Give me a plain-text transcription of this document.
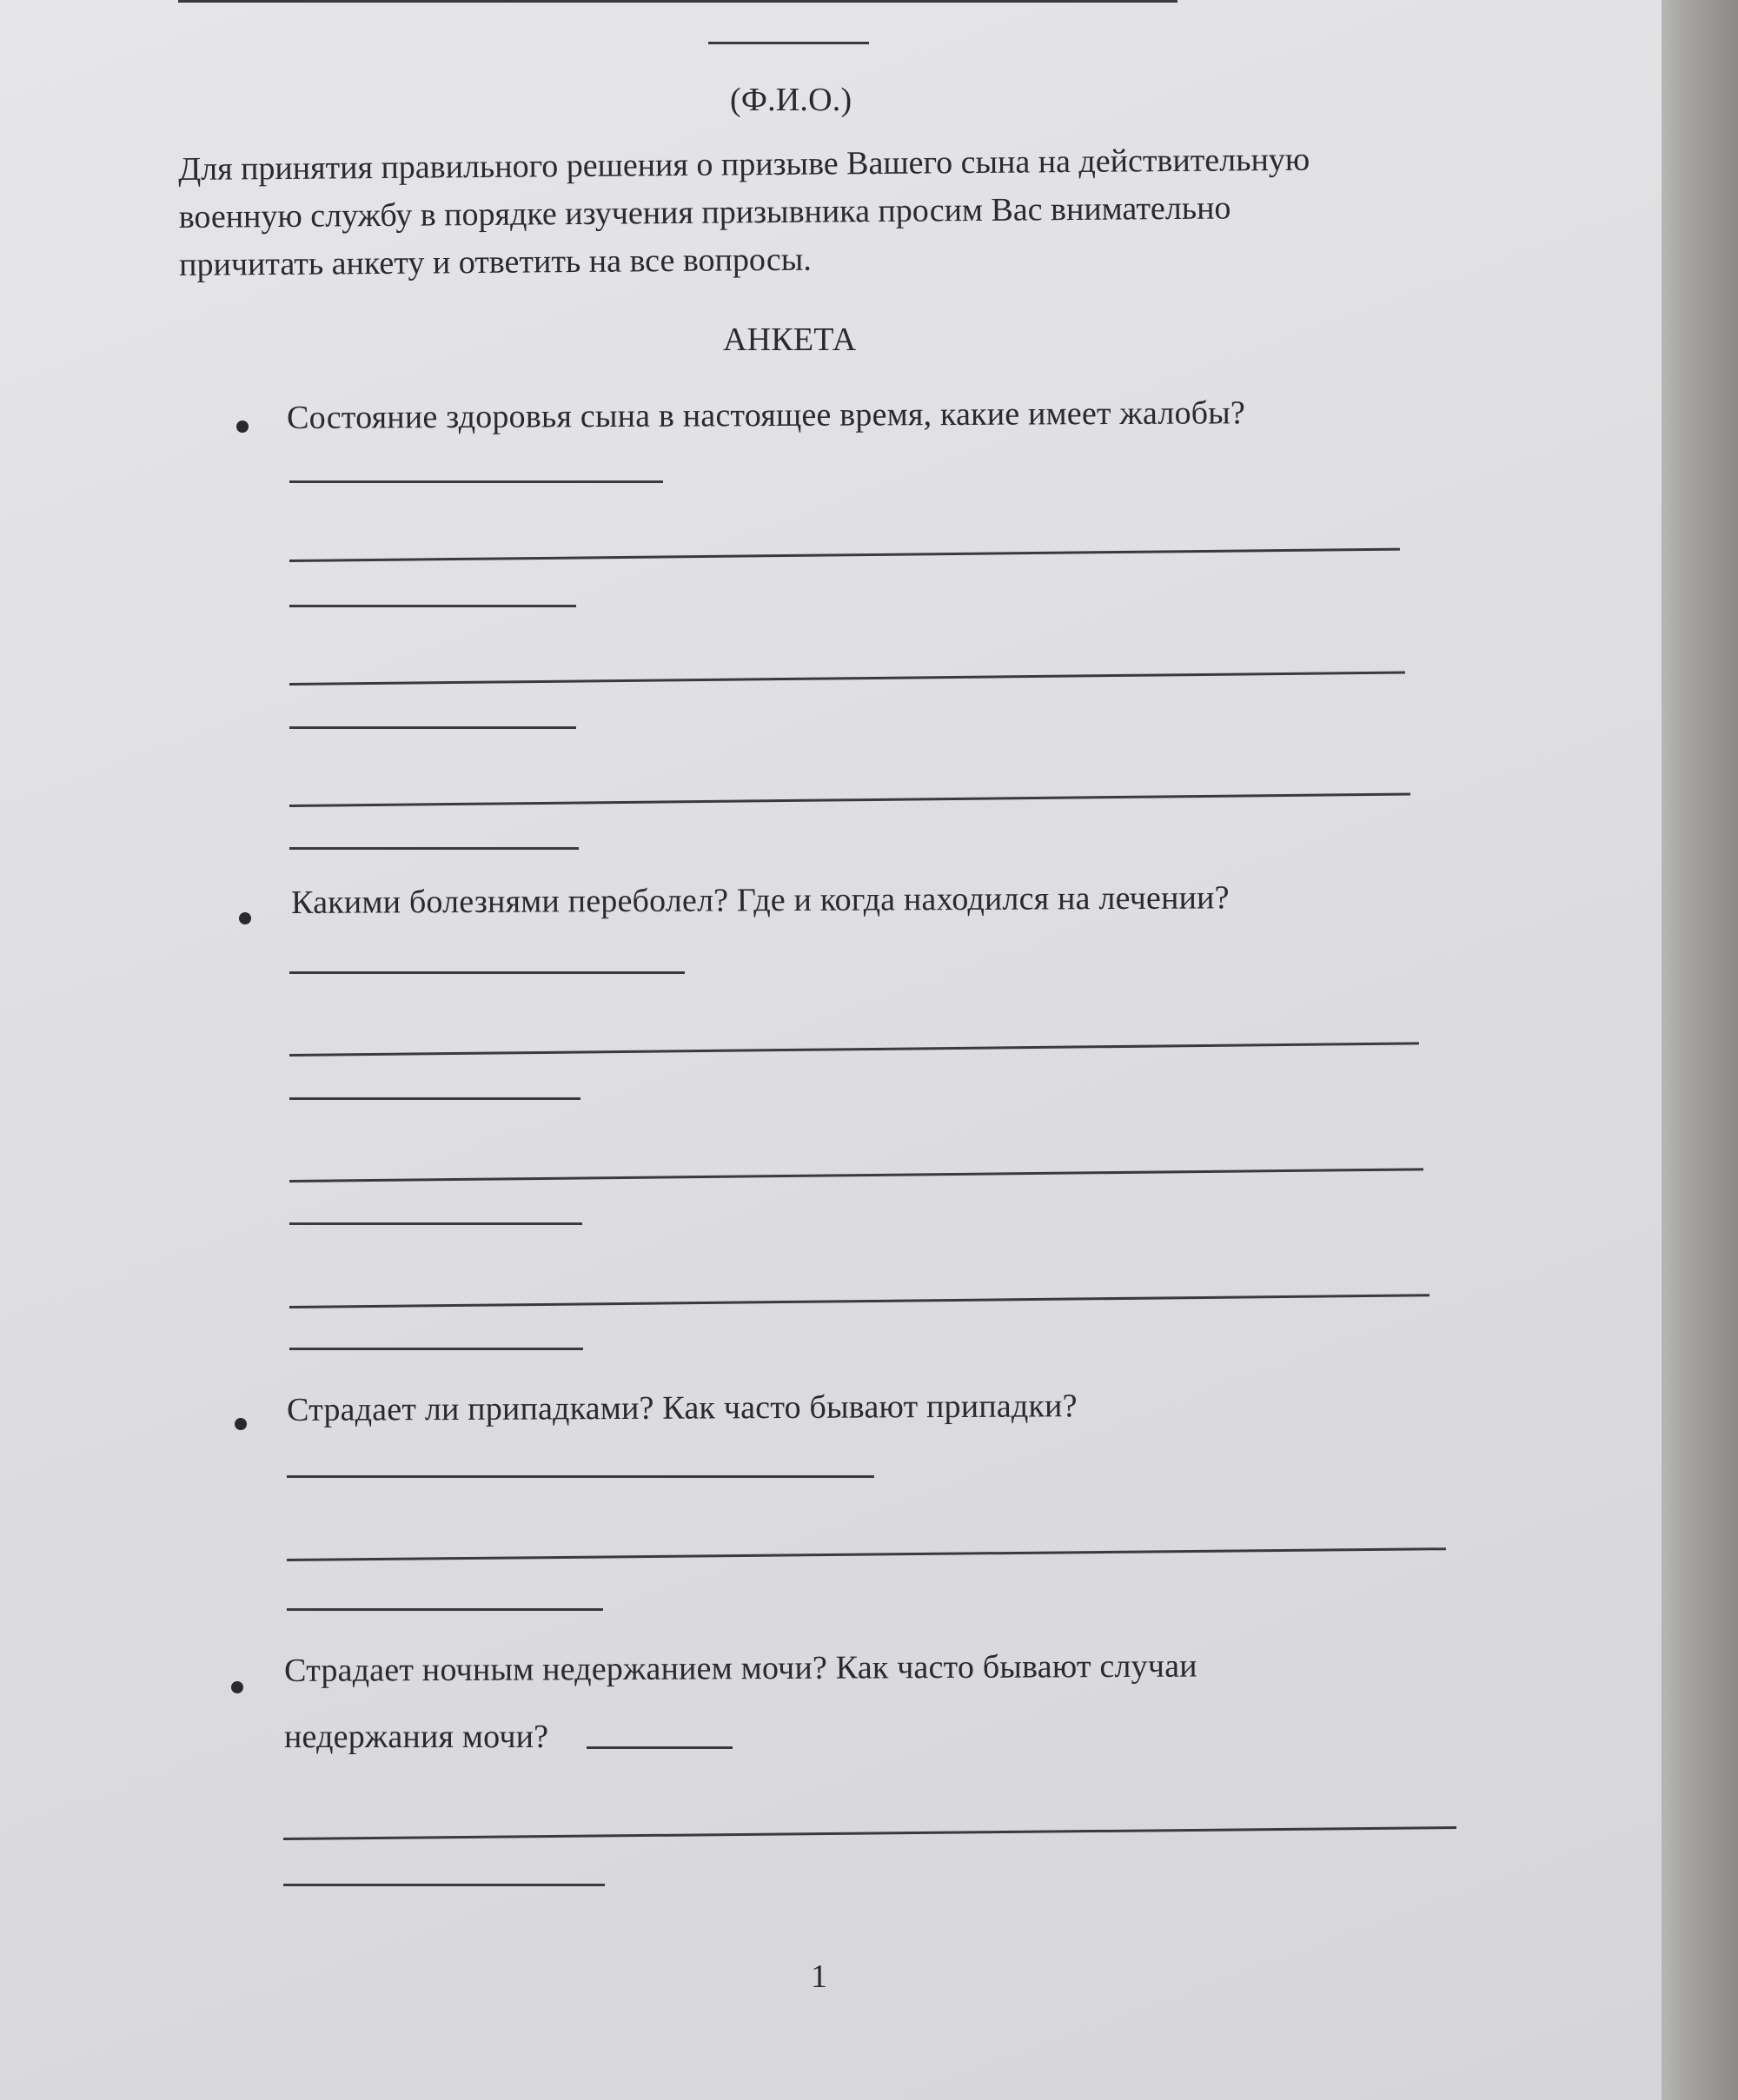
(Ф.И.О.)
Для принятия правильного решения о призыве Вашего сына на действительную
военную службу в порядке изучения призывника просим Вас внимательно
причитать анкету и ответить на все вопросы.
АНКЕТА
Состояние здоровья сына в настоящее время, какие имеет жалобы?
Какими болезнями переболел? Где и когда находился на лечении?
Страдает ли припадками? Как часто бывают припадки?
Страдает ночным недержанием мочи? Как часто бывают случаи
недержания мочи?
1
